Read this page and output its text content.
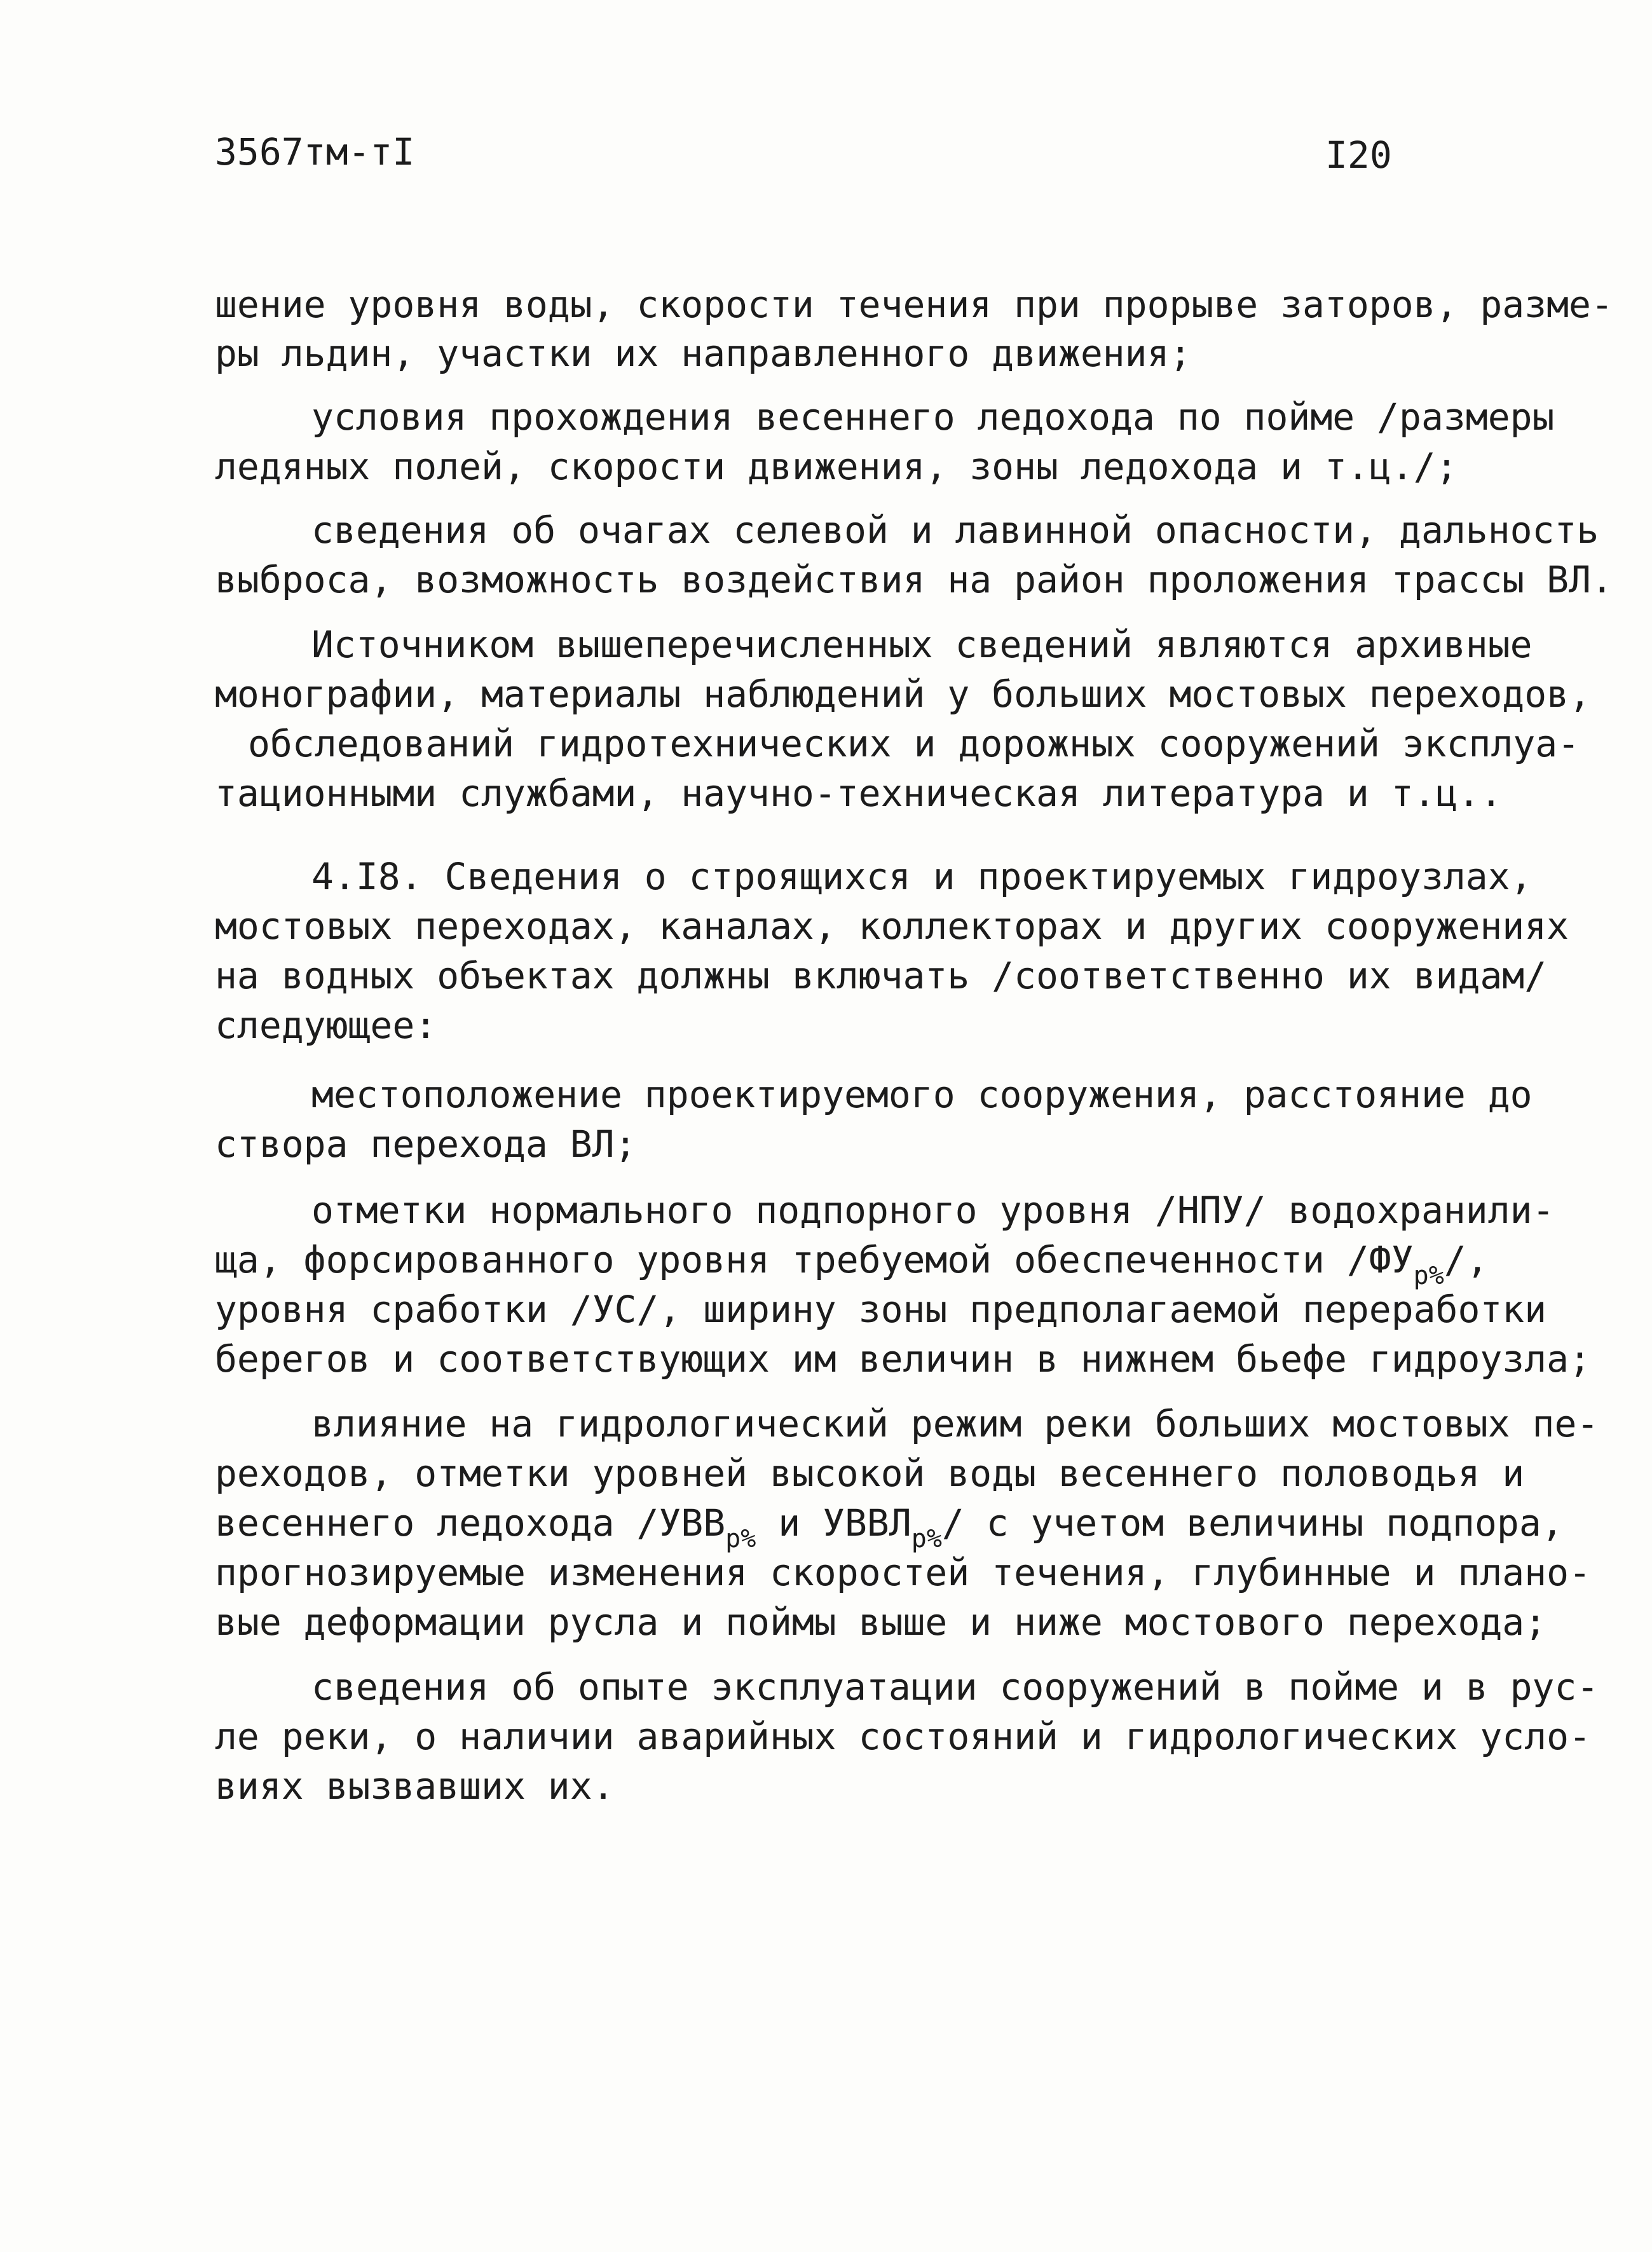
3567тм-тI	I20
шение уровня воды, скорости течения при прорыве заторов, разме-
ры льдин, участки их направленного движения;
условия прохождения весеннего ледохода по пойме /размеры
ледяных полей, скорости движения, зоны ледохода и т.ц./;
сведения об очагах селевой и лавинной опасности, дальность
выброса, возможность воздействия на район проложения трассы ВЛ.
Источником вышеперечисленных сведений являются архивные
монографии, материалы наблюдений у больших мостовых переходов,
обследований гидротехнических и дорожных сооружений эксплуа-
тационными службами, научно-техническая литература и т.ц..
4.I8. Сведения о строящихся и проектируемых гидроузлах,
мостовых переходах, каналах, коллекторах и других сооружениях
на водных объектах должны включать /соответственно их видам/
следующее:
местоположение проектируемого сооружения, расстояние до
створа перехода ВЛ;
отметки нормального подпорного уровня /НПУ/ водохранили-
ща, форсированного уровня требуемой обеспеченности $/ФУ_{р\%}/$,
уровня сработки /УС/, ширину зоны предполагаемой переработки
берегов и соответствующих им величин в нижнем бьефе гидроузла;
влияние на гидрологический режим реки больших мостовых пе-
реходов, отметки уровней высокой воды весеннего половодья и
весеннего ледохода $/УВВ_{р\%}$ и $УВВЛ_{р\%}/$ с учетом величины подпора,
прогнозируемые изменения скоростей течения, глубинные и плано-
вые деформации русла и поймы выше и ниже мостового перехода;
сведения об опыте эксплуатации сооружений в пойме и в рус-
ле реки, о наличии аварийных состояний и гидрологических усло-
виях вызвавших их.
